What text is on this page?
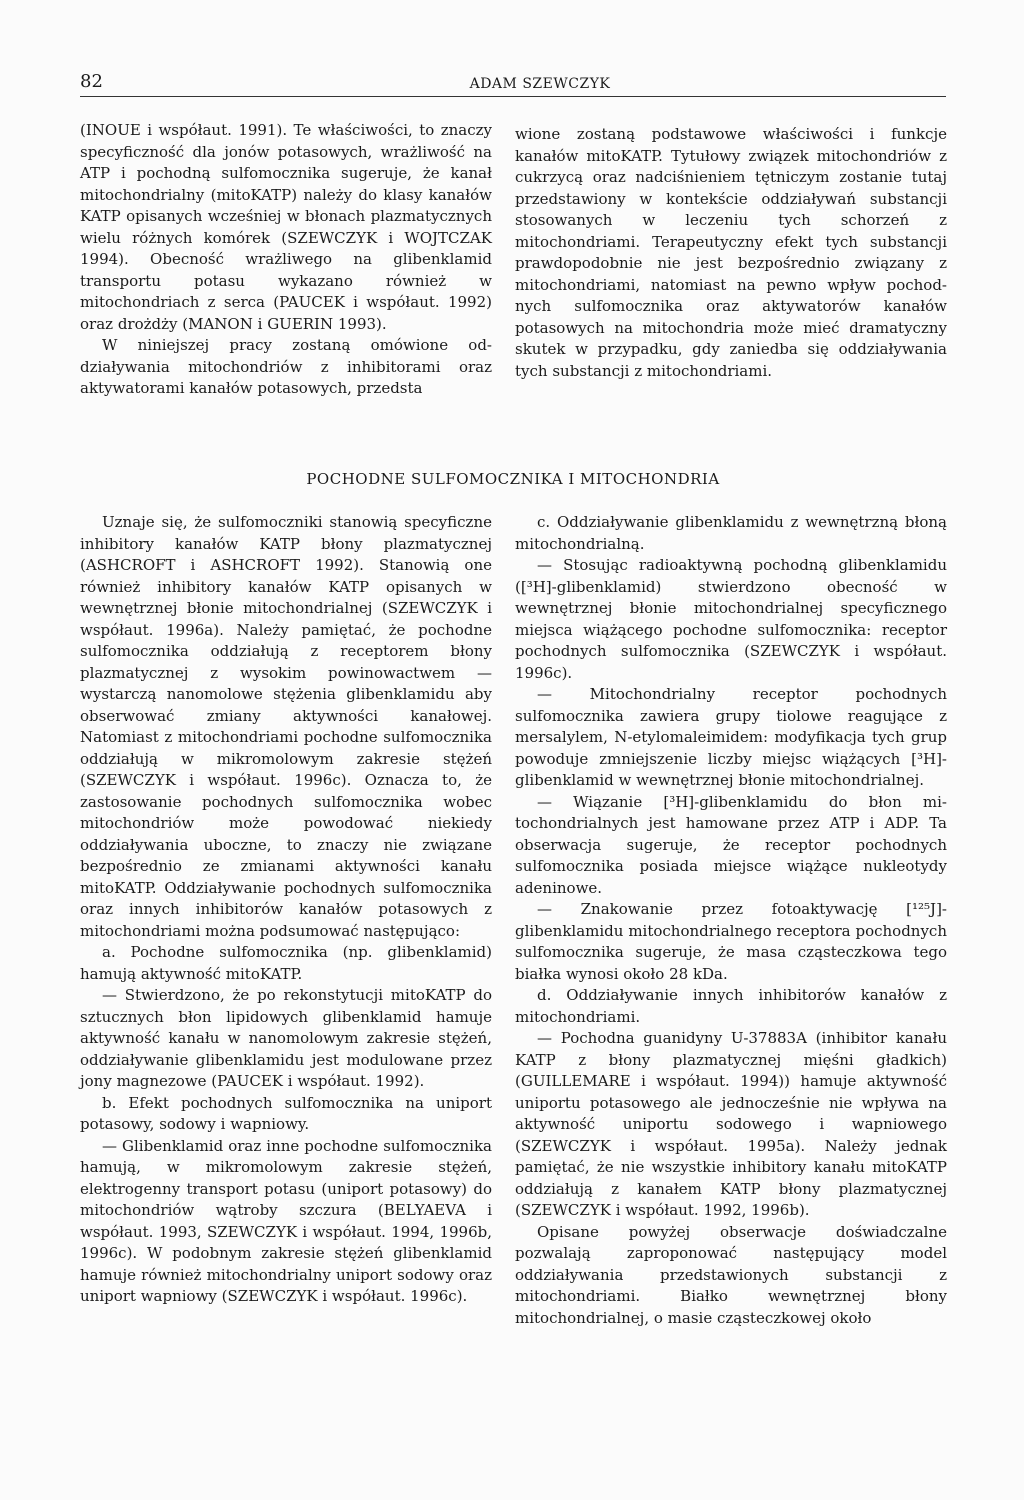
82	ADAM SZEWCZYK

(INOUE i współaut. 1991). Te właściwości, to znaczy specyficzność dla jonów potasowych, wrażliwość na ATP i pochodną sulfomocznika sugeruje, że kanał mitochondrialny (mitoKATP) należy do klasy kanałów KATP opisanych wcześniej w błonach plazmatycznych wielu różnych komórek (SZEWCZYK i WOJTCZAK 1994). Obecność wrażliwego na glibenklamid transportu potasu wykazano również w mitochondriach z serca (PAUCEK i współaut. 1992) oraz drożdży (MANON i GUERIN 1993).

W niniejszej pracy zostaną omówione oddziaływania mitochondriów z inhibitorami oraz aktywatorami kanałów potasowych, przedsta

wione zostaną podstawowe właściwości i funkcje kanałów mitoKATP. Tytułowy związek mitochondriów z cukrzycą oraz nadciśnieniem tętniczym zostanie tutaj przedstawiony w kontekście oddziaływań substancji stosowanych w leczeniu tych schorzeń z mitochondriami. Terapeutyczny efekt tych substancji prawdopodobnie nie jest bezpośrednio związany z mitochondriami, natomiast na pewno wpływ pochodnych sulfomocznika oraz aktywatorów kanałów potasowych na mitochondria może mieć dramatyczny skutek w przypadku, gdy zaniedba się oddziaływania tych substancji z mitochondriami.

POCHODNE SULFOMOCZNIKA I MITOCHONDRIA

Uznaje się, że sulfomoczniki stanowią specyficzne inhibitory kanałów KATP błony plazmatycznej (ASHCROFT i ASHCROFT 1992). Stanowią one również inhibitory kanałów KATP opisanych w wewnętrznej błonie mitochondrialnej (SZEWCZYK i współaut. 1996a). Należy pamiętać, że pochodne sulfomocznika oddziałują z receptorem błony plazmatycznej z wysokim powinowactwem — wystarczą nanomolowe stężenia glibenklamidu aby obserwować zmiany aktywności kanałowej. Natomiast z mitochondriami pochodne sulfomocznika oddziałują w mikromolowym zakresie stężeń (SZEWCZYK i współaut. 1996c). Oznacza to, że zastosowanie pochodnych sulfomocznika wobec mitochondriów może powodować niekiedy oddziaływania uboczne, to znaczy nie związane bezpośrednio ze zmianami aktywności kanału mitoKATP. Oddziaływanie pochodnych sulfomocznika oraz innych inhibitorów kanałów potasowych z mitochondriami można podsumować następująco:

a. Pochodne sulfomocznika (np. glibenklamid) hamują aktywność mitoKATP.

— Stwierdzono, że po rekonstytucji mitoKATP do sztucznych błon lipidowych glibenklamid hamuje aktywność kanału w nanomolowym zakresie stężeń, oddziaływanie glibenklamidu jest modulowane przez jony magnezowe (PAUCEK i współaut. 1992).

b. Efekt pochodnych sulfomocznika na uniport potasowy, sodowy i wapniowy.

— Glibenklamid oraz inne pochodne sulfomocznika hamują, w mikromolowym zakresie stężeń, elektrogenny transport potasu (uniport potasowy) do mitochondriów wątroby szczura (BELYAEVA i współaut. 1993, SZEWCZYK i współaut. 1994, 1996b, 1996c). W podobnym zakresie stężeń glibenklamid hamuje również mitochondrialny uniport sodowy oraz uniport wapniowy (SZEWCZYK i współaut. 1996c).

c. Oddziaływanie glibenklamidu z wewnętrzną błoną mitochondrialną.

— Stosując radioaktywną pochodną glibenklamidu ([³H]-glibenklamid) stwierdzono obecność w wewnętrznej błonie mitochondrialnej specyficznego miejsca wiążącego pochodne sulfomocznika: receptor pochodnych sulfomocznika (SZEWCZYK i współaut. 1996c).

— Mitochondrialny receptor pochodnych sulfomocznika zawiera grupy tiolowe reagujące z mersalylem, N-etylomaleimidem: modyfikacja tych grup powoduje zmniejszenie liczby miejsc wiążących [³H]-glibenklamid w wewnętrznej błonie mitochondrialnej.

— Wiązanie [³H]-glibenklamidu do błon mitochondrialnych jest hamowane przez ATP i ADP. Ta obserwacja sugeruje, że receptor pochodnych sulfomocznika posiada miejsce wiążące nukleotydy adeninowe.

— Znakowanie przez fotoaktywację [¹²⁵J]-glibenklamidu mitochondrialnego receptora pochodnych sulfomocznika sugeruje, że masa cząsteczkowa tego białka wynosi około 28 kDa.

d. Oddziaływanie innych inhibitorów kanałów z mitochondriami.

— Pochodna guanidyny U-37883A (inhibitor kanału KATP z błony plazmatycznej mięśni gładkich) (GUILLEMARE i współaut. 1994)) hamuje aktywność uniportu potasowego ale jednocześnie nie wpływa na aktywność uniportu sodowego i wapniowego (SZEWCZYK i współaut. 1995a). Należy jednak pamiętać, że nie wszystkie inhibitory kanału mitoKATP oddziałują z kanałem KATP błony plazmatycznej (SZEWCZYK i współaut. 1992, 1996b).

Opisane powyżej obserwacje doświadczalne pozwalają zaproponować następujący model oddziaływania przedstawionych substancji z mitochondriami. Białko wewnętrznej błony mitochondrialnej, o masie cząsteczkowej około
